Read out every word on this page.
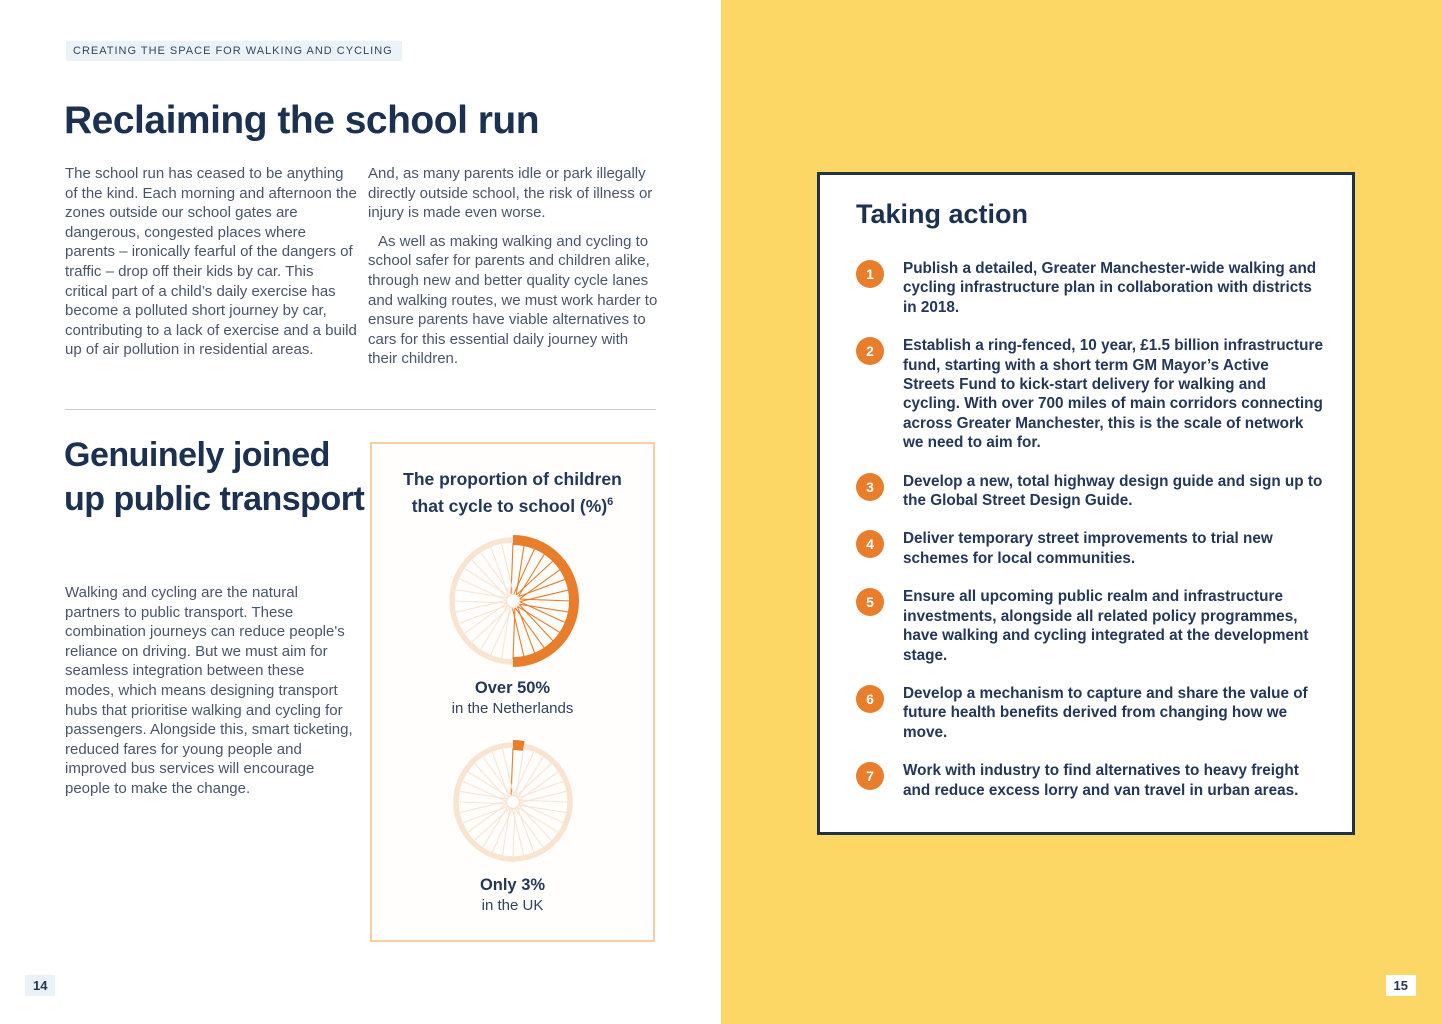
CREATING THE SPACE FOR WALKING AND CYCLING
Reclaiming the school run

The school run has ceased to be anything of the kind. Each morning and afternoon the zones outside our school gates are dangerous, congested places where parents – ironically fearful of the dangers of traffic – drop off their kids by car. This critical part of a child’s daily exercise has become a polluted short journey by car, contributing to a lack of exercise and a build up of air pollution in residential areas.

And, as many parents idle or park illegally directly outside school, the risk of illness or injury is made even worse.

As well as making walking and cycling to school safer for parents and children alike, through new and better quality cycle lanes and walking routes, we must work harder to ensure parents have viable alternatives to cars for this essential daily journey with their children.

Genuinely joined up public transport

Walking and cycling are the natural partners to public transport. These combination journeys can reduce people's reliance on driving. But we must aim for seamless integration between these modes, which means designing transport hubs that prioritise walking and cycling for passengers. Alongside this, smart ticketing, reduced fares for young people and improved bus services will encourage people to make the change.

The proportion of children that cycle to school (%)$^6$
Over 50%
in the Netherlands
Only 3%
in the UK
14
Taking action
1	Publish a detailed, Greater Manchester-wide walking and cycling infrastructure plan in collaboration with districts in 2018.
2	Establish a ring-fenced, 10 year, £1.5 billion infrastructure fund, starting with a short term GM Mayor’s Active Streets Fund to kick-start delivery for walking and cycling. With over 700 miles of main corridors connecting across Greater Manchester, this is the scale of network we need to aim for.
3	Develop a new, total highway design guide and sign up to the Global Street Design Guide.
4	Deliver temporary street improvements to trial new schemes for local communities.
5	Ensure all upcoming public realm and infrastructure investments, alongside all related policy programmes, have walking and cycling integrated at the development stage.
6	Develop a mechanism to capture and share the value of future health benefits derived from changing how we move.
7	Work with industry to find alternatives to heavy freight and reduce excess lorry and van travel in urban areas.
15
